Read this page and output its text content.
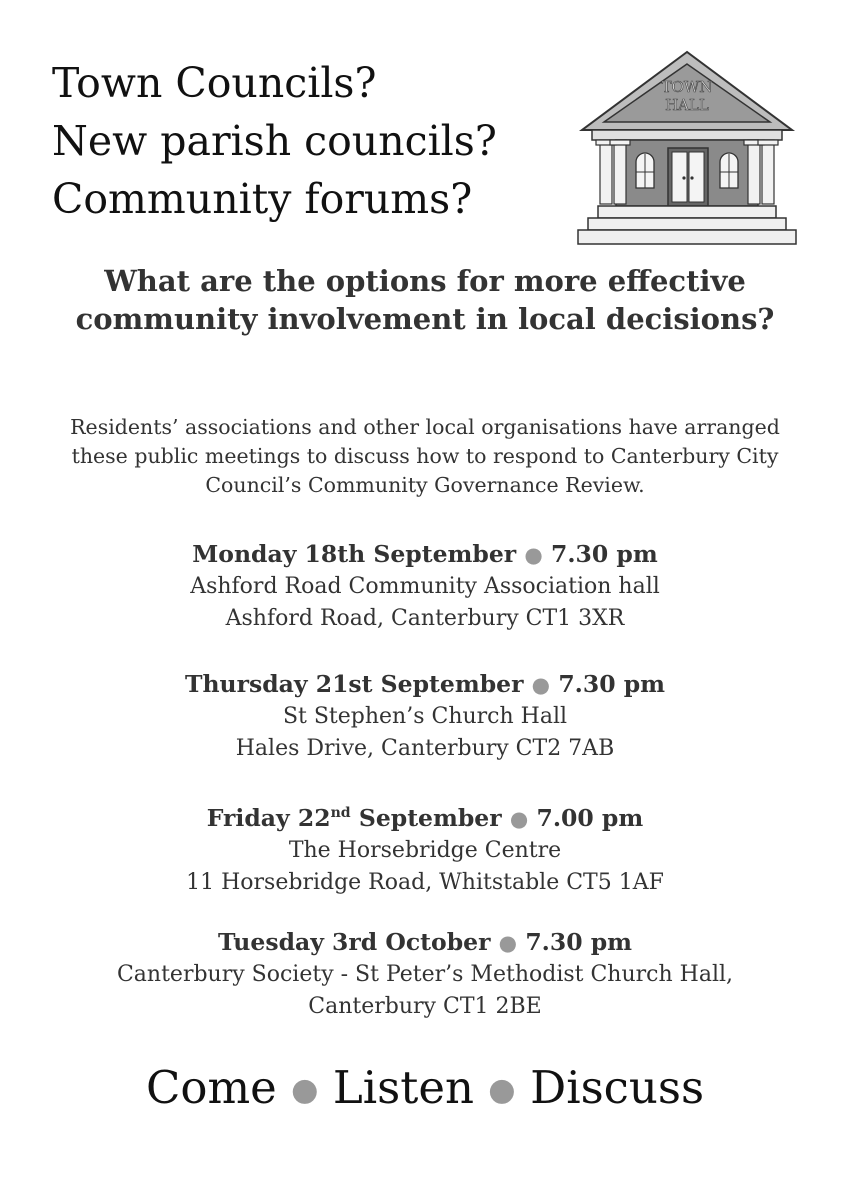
Town Councils?
New parish councils?
Community forums?
TOWN
HALL
What are the options for more effective community involvement in local decisions?
Residents’ associations and other local organisations have arranged these public meetings to discuss how to respond to Canterbury City Council’s Community Governance Review.
Monday 18th September ● 7.30 pm
Ashford Road Community Association hall
Ashford Road, Canterbury CT1 3XR
Thursday 21st September ● 7.30 pm
St Stephen’s Church Hall
Hales Drive, Canterbury CT2 7AB
Friday 22nd September ● 7.00 pm
The Horsebridge Centre
11 Horsebridge Road, Whitstable CT5 1AF
Tuesday 3rd October ● 7.30 pm
Canterbury Society - St Peter’s Methodist Church Hall,
Canterbury CT1 2BE
Come ● Listen ● Discuss
